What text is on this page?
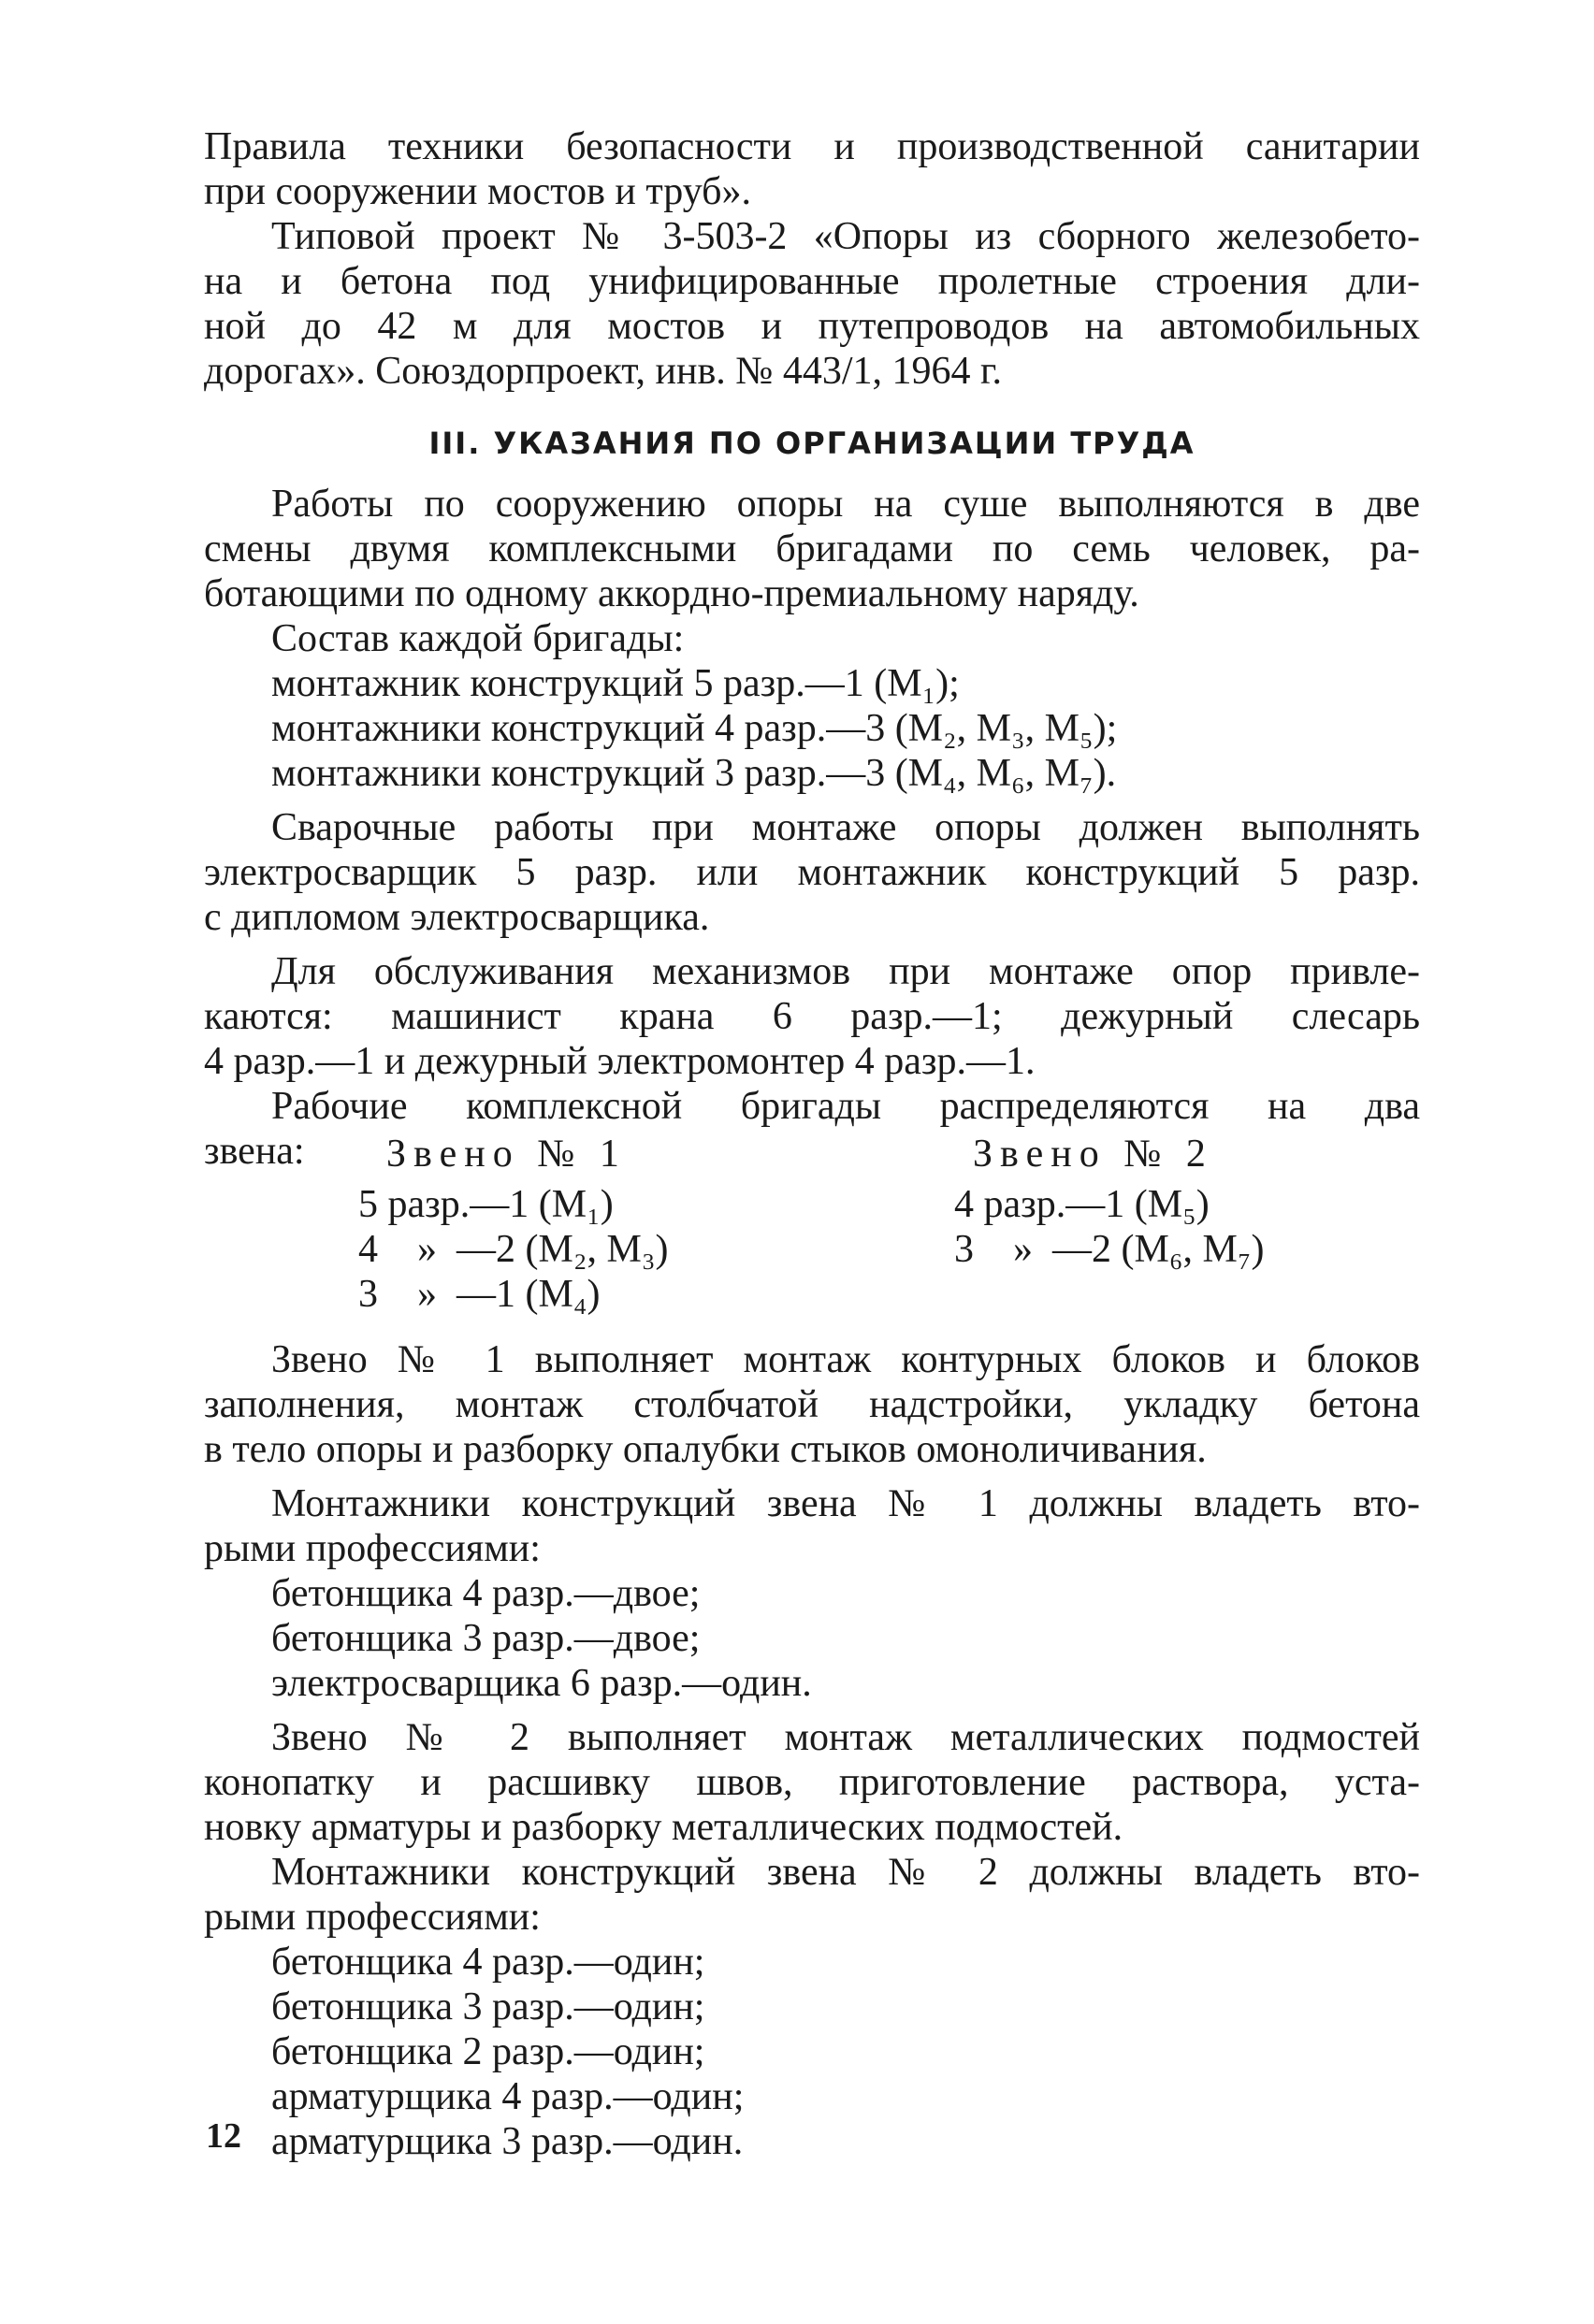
Правила техники безопасности и производственной санитарии
при сооружении мостов и труб».
Типовой проект № 3-503-2 «Опоры из сборного железобето-
на и бетона под унифицированные пролетные строения дли-
ной до 42 м для мостов и путепроводов на автомобильных
дорогах». Союздорпроект, инв. № 443/1, 1964 г.
III. УКАЗАНИЯ ПО ОРГАНИЗАЦИИ ТРУДА
Работы по сооружению опоры на суше выполняются в две
смены двумя комплексными бригадами по семь человек, ра-
ботающими по одному аккордно-премиальному наряду.
Состав каждой бригады:
монтажник конструкций 5 разр.—1 (М₁);
монтажники конструкций 4 разр.—3 (М₂, М₃, М₅);
монтажники конструкций 3 разр.—3 (М₄, М₆, М₇).
Сварочные работы при монтаже опоры должен выполнять
электросварщик 5 разр. или монтажник конструкций 5 разр.
с дипломом электросварщика.
Для обслуживания механизмов при монтаже опор привле-
каются: машинист крана 6 разр.—1; дежурный слесарь
4 разр.—1 и дежурный электромонтер 4 разр.—1.
Рабочие комплексной бригады распределяются на два
звена:	Звено № 1
5 разр.—1 (М₁)
4    »  —2 (М₂, М₃)
3    »  —1 (М₄)
Звено № 2
4 разр.—1 (М₅)
3    »  —2 (М₆, М₇)
Звено № 1 выполняет монтаж контурных блоков и блоков
заполнения, монтаж столбчатой надстройки, укладку бетона
в тело опоры и разборку опалубки стыков омоноличивания.
Монтажники конструкций звена № 1 должны владеть вто-
рыми профессиями:
бетонщика 4 разр.—двое;
бетонщика 3 разр.—двое;
электросварщика 6 разр.—один.
Звено № 2 выполняет монтаж металлических подмостей
конопатку и расшивку швов, приготовление раствора, уста-
новку арматуры и разборку металлических подмостей.
Монтажники конструкций звена № 2 должны владеть вто-
рыми профессиями:
бетонщика 4 разр.—один;
бетонщика 3 разр.—один;
бетонщика 2 разр.—один;
арматурщика 4 разр.—один;
арматурщика 3 разр.—один.
12
